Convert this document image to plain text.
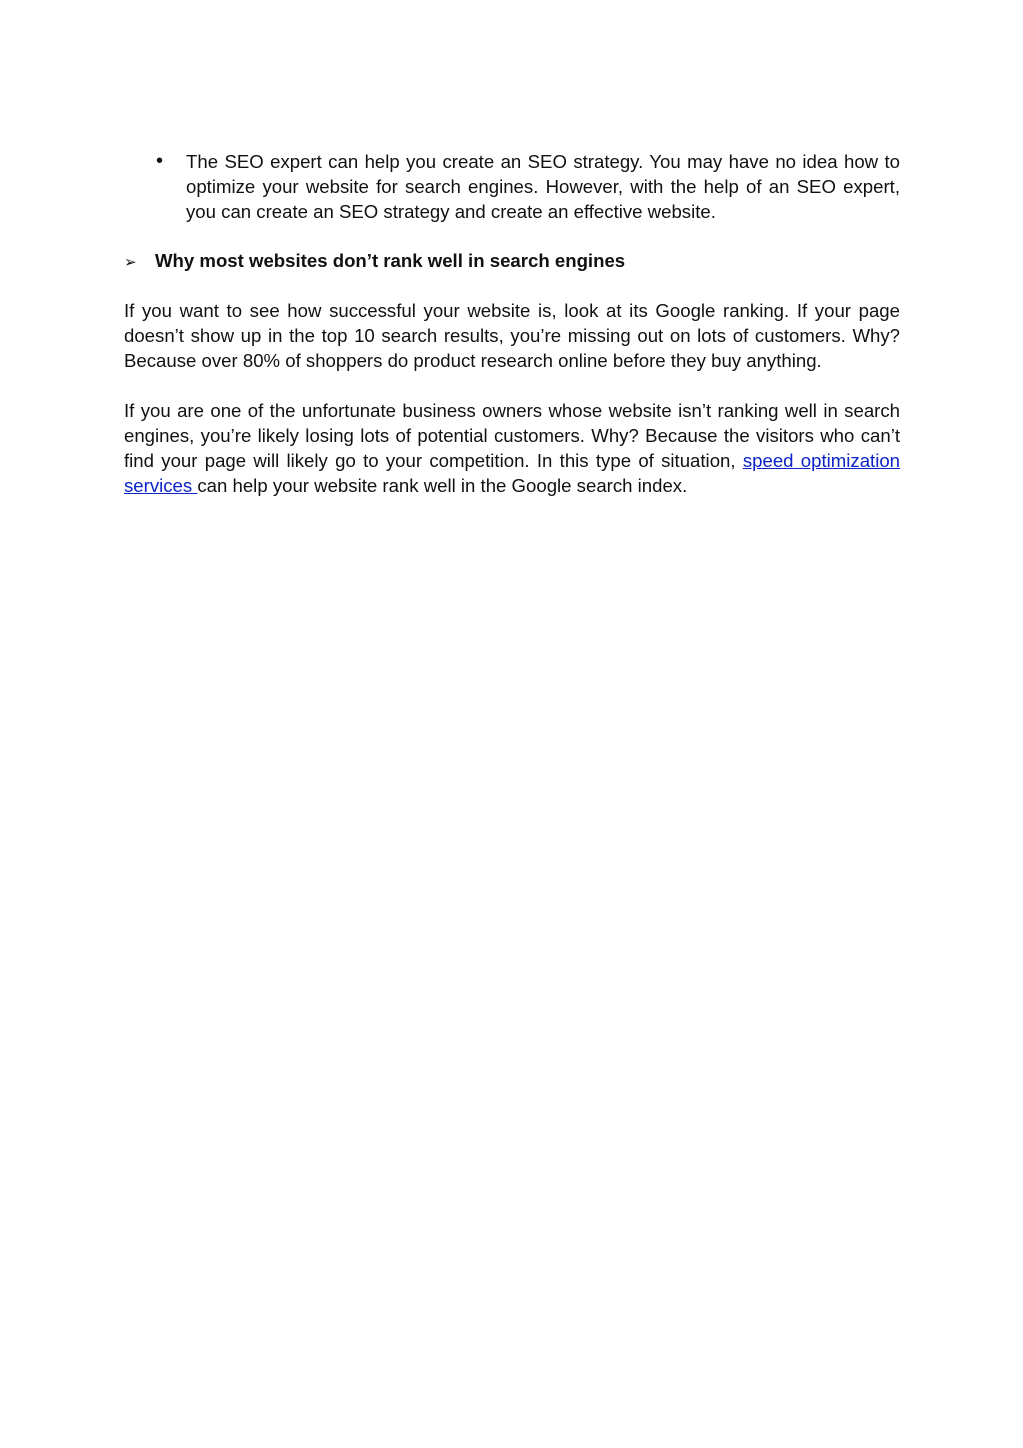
•	The SEO expert can help you create an SEO strategy. You may have no idea how to optimize your website for search engines. However, with the help of an SEO expert, you can create an SEO strategy and create an effective website.
➢ Why most websites don’t rank well in search engines

If you want to see how successful your website is, look at its Google ranking. If your page doesn’t show up in the top 10 search results, you’re missing out on lots of customers. Why? Because over 80% of shoppers do product research online before they buy anything.

If you are one of the unfortunate business owners whose website isn’t ranking well in search engines, you’re likely losing lots of potential customers. Why? Because the visitors who can’t find your page will likely go to your competition. In this type of situation, speed optimization services can help your website rank well in the Google search index.
